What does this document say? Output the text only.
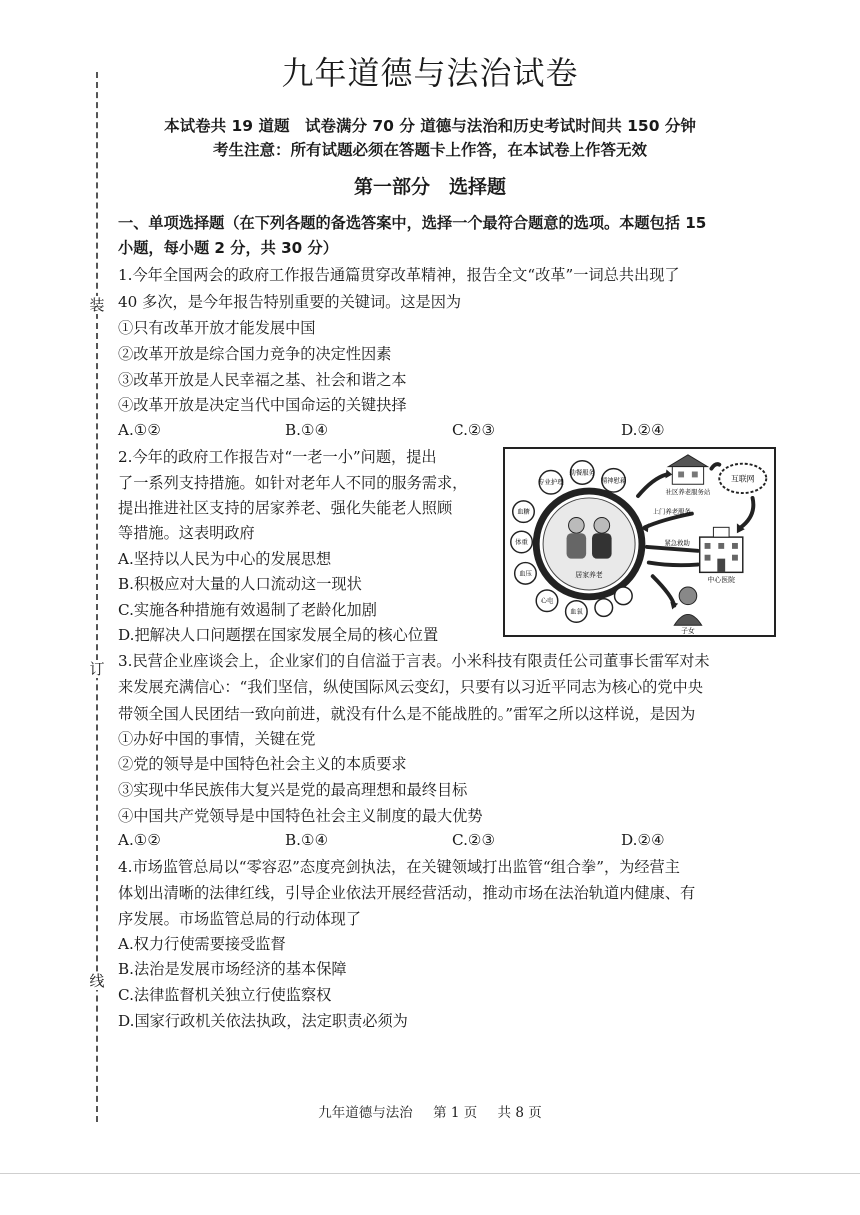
装
订
线
九年道德与法治试卷
本试卷共 19 道题　试卷满分 70 分 道德与法治和历史考试时间共 150 分钟
考生注意：所有试题必须在答题卡上作答，在本试卷上作答无效
第一部分　选择题
一、单项选择题（在下列各题的备选答案中，选择一个最符合题意的选项。本题包括 15
小题，每小题 2 分，共 30 分）
1.今年全国两会的政府工作报告通篇贯穿改革精神，报告全文“改革”一词总共出现了
40 多次，是今年报告特别重要的关键词。这是因为
①只有改革开放才能发展中国
②改革开放是综合国力竞争的决定性因素
③改革开放是人民幸福之基、社会和谐之本
④改革开放是决定当代中国命运的关键抉择
A.①②	B.①④	C.②③	D.②④
2.今年的政府工作报告对“一老一小”问题，提出
了一系列支持措施。如针对老年人不同的服务需求，
提出推进社区支持的居家养老、强化失能老人照顾
等措施。这表明政府
A.坚持以人民为中心的发展思想
B.积极应对大量的人口流动这一现状
C.实施各种措施有效遏制了老龄化加剧
D.把解决人口问题摆在国家发展全局的核心位置
居家养老
专业护理
助餐服务
精神慰藉
血糖
体重
血压
心电
血氧
社区养老服务站
互联网
中心医院
子女
上门养老服务
紧急救助
3.民营企业座谈会上，企业家们的自信溢于言表。小米科技有限责任公司董事长雷军对未
来发展充满信心：“我们坚信，纵使国际风云变幻，只要有以习近平同志为核心的党中央
带领全国人民团结一致向前进，就没有什么是不能战胜的。”雷军之所以这样说，是因为
①办好中国的事情，关键在党
②党的领导是中国特色社会主义的本质要求
③实现中华民族伟大复兴是党的最高理想和最终目标
④中国共产党领导是中国特色社会主义制度的最大优势
A.①②	B.①④	C.②③	D.②④
4.市场监管总局以“零容忍”态度亮剑执法，在关键领域打出监管“组合拳”，为经营主
体划出清晰的法律红线，引导企业依法开展经营活动，推动市场在法治轨道内健康、有
序发展。市场监管总局的行动体现了
A.权力行使需要接受监督
B.法治是发展市场经济的基本保障
C.法律监督机关独立行使监察权
D.国家行政机关依法执政，法定职责必须为
九年道德与法治 第 1 页 共 8 页
